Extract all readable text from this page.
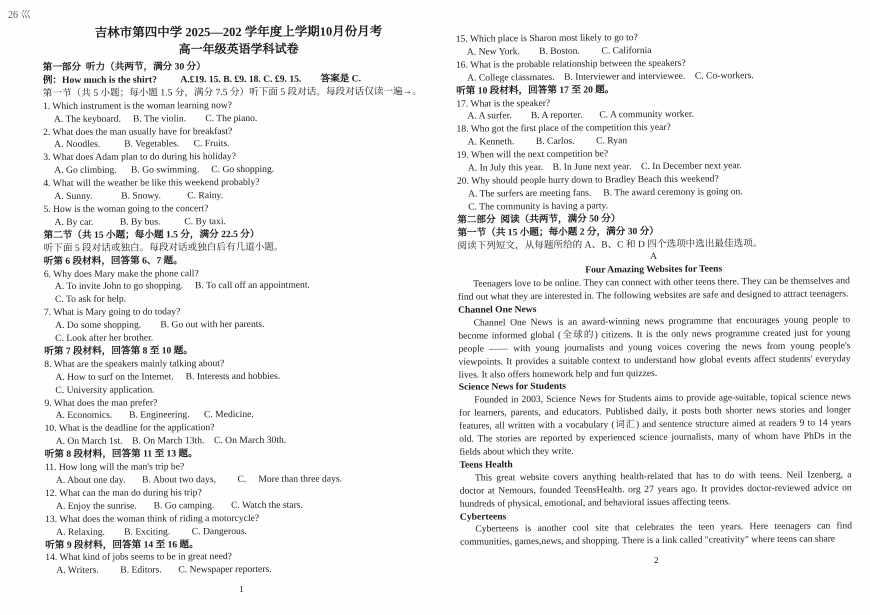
26 巛
吉林市第四中学 2025—202 学年度上学期10月份月考
高一年级英语学科试卷
第一部分  听力（共两节，满分 30 分）
例：How much is the shirt?          A.£19. 15. B. £9. 18. C. £9. 15.        答案是 C.
第一节（共 5 小题；每小题 1.5 分，满分 7.5 分）听下面 5 段对话。每段对话仅读一遍→。
1. Which instrument is the woman learning now?
A. The keyboard.     B. The violin.        C. The piano.
2. What does the man usually have for breakfast?
A. Noodles.          B. Vegetables.      C. Fruits.
3. What does Adam plan to do during his holiday?
A. Go climbing.      B. Go swimming.     C. Go shopping.
4. What will the weather be like this weekend probably?
A. Sunny.            B. Snowy.           C. Rainy.
5. How is the woman going to the concert?
A. By car.           B. By bus.          C. By taxi.
第二节（共 15 小题；每小题 1.5 分，满分 22.5 分）
听下面 5 段对话或独白。每段对话或独白后有几道小题。
听第 6 段材料，回答第 6、7 题。
6. Why does Mary make the phone call?
A. To invite John to go shopping.     B. To call off an appointment.
C. To ask for help.
7. What is Mary going to do today?
A. Do some shopping.        B. Go out with her parents.
C. Look after her brother.
听第 7 段材料，回答第 8 至 10 题。
8. What are the speakers mainly talking about?
A. How to surf on the Internet.     B. Interests and hobbies.
C. University application.
9. What does the man prefer?
A. Economics.       B. Engineering.      C. Medicine.
10. What is the deadline for the application?
A. On March 1st.    B. On March 13th.    C. On March 30th.
听第 8 段材料，回答第 11 至 13 题。
11. How long will the man's trip be?
A. About one day.       B. About two days,         C.     More than three days.
12. What can the man do during his trip?
A. Enjoy the sunrise.       B. Go camping.       C. Watch the stars.
13. What does the woman think of riding a motorcycle?
A. Relaxing.        B. Exciting.         C. Dangerous.
听第 9 段材料，回答第 14 至 16 题。
14. What kind of jobs seems to be in great need?
A. Writers.         B. Editors.       C. Newspaper reporters.
1
15. Which place is Sharon most likely to go to?
A. New York.        B. Boston.         C. California
16. What is the probable relationship between the speakers?
A. College classmates.    B. Interviewer and interviewee.    C. Co-workers.
听第 10 段材料，回答第 17 至 20 题。
17. What is the speaker?
A. A surfer.        B. A reporter.       C. A community worker.
18. Who got the first place of the competition this year?
A. Kenneth.         B. Carlos.         C. Ryan
19. When will the next competition be?
A. In July this year.    B. In June next year.    C. In December next year.
20. Why should people hurry down to Bradley Beach this weekend?
A. The surfers are meeting fans.     B. The award ceremony is going on.
C. The community is having a party.
第二部分  阅读（共两节，满分 50 分）
第一节（共 15 小题；每小题 2 分，满分 30 分）
阅读下列短文，从每题所给的 A、B、C 和 D 四个选项中选出最佳选项。
A
Four Amazing Websites for Teens
Teenagers love to be online. They can connect with other teens there. They can be themselves and find out what they are interested in. The following websites are safe and designed to attract teenagers.
Channel One News
Channel One News is an award-winning news programme that encourages young people to become informed global (全球的) citizens. It is the only news programme created just for young people —— with young journalists and young voices covering the news from young people's viewpoints. It provides a suitable context to understand how global events affect students' everyday lives. It also offers homework help and fun quizzes.
Science News for Students
Founded in 2003, Science News for Students aims to provide age-suitable, topical science news for learners, parents, and educators. Published daily, it posts both shorter news stories and longer features, all written with a vocabulary (词汇) and sentence structure aimed at readers 9 to 14 years old. The stories are reported by experienced science journalists, many of whom have PhDs in the fields about which they write.
Teens Health
This great website covers anything health-related that has to do with teens. Neil Izenberg, a doctor at Nemours, founded TeensHealth. org 27 years ago. It provides doctor-reviewed advice on hundreds of physical, emotional, and behavioral issues affecting teens.
Cyberteens
Cyberteens is another cool site that celebrates the teen years. Here teenagers can find communities, games,news, and shopping. There is a link called "creativity" where teens can share
2
